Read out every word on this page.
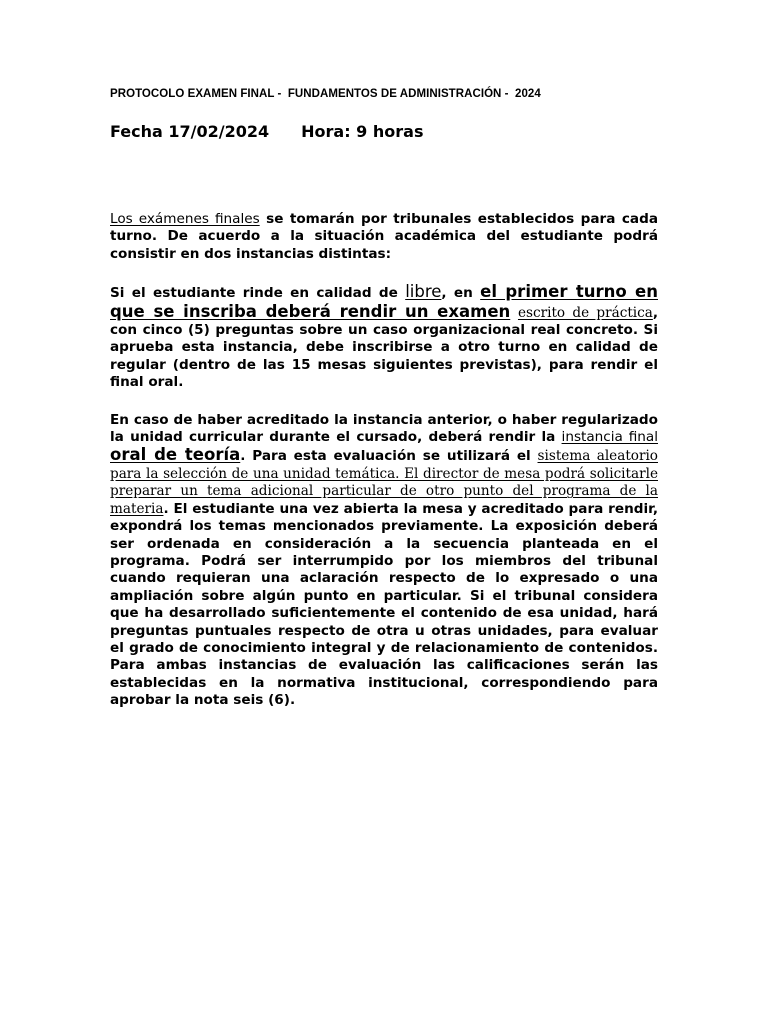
PROTOCOLO EXAMEN FINAL -  FUNDAMENTOS DE ADMINISTRACIÓN -  2024
Fecha 17/02/2024 Hora: 9 horas

Los exámenes finales se tomarán por tribunales establecidos para cada turno. De acuerdo a la situación académica del estudiante podrá consistir en dos instancias distintas:

Si el estudiante rinde en calidad de libre, en el primer turno en que se inscriba deberá rendir un examen escrito de práctica, con cinco (5) preguntas sobre un caso organizacional real concreto. Si aprueba esta instancia, debe inscribirse a otro turno en calidad de regular (dentro de las 15 mesas siguientes previstas), para rendir el final oral.

En caso de haber acreditado la instancia anterior, o haber regularizado la unidad curricular durante el cursado, deberá rendir la instancia final oral de teoría. Para esta evaluación se utilizará el sistema aleatorio para la selección de una unidad temática. El director de mesa podrá solicitarle preparar un tema adicional particular de otro punto del programa de la materia. El estudiante una vez abierta la mesa y acreditado para rendir, expondrá los temas mencionados previamente. La exposición deberá ser ordenada en consideración a la secuencia planteada en el programa. Podrá ser interrumpido por los miembros del tribunal cuando requieran una aclaración respecto de lo expresado o una ampliación sobre algún punto en particular. Si el tribunal considera que ha desarrollado suficientemente el contenido de esa unidad, hará preguntas puntuales respecto de otra u otras unidades, para evaluar el grado de conocimiento integral y de relacionamiento de contenidos. Para ambas instancias de evaluación las calificaciones serán las establecidas en la normativa institucional, correspondiendo para aprobar la nota seis (6).
